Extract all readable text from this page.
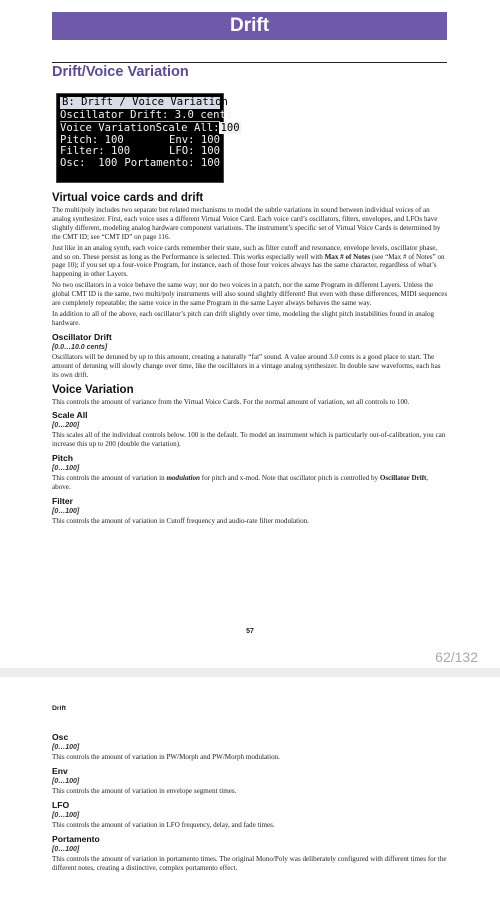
Drift
Drift/Voice Variation
B: Drift / Voice Variation
Oscillator Drift: 3.0 cents
Voice Variation Scale All:100
Pitch: 100	Env: 100
Filter: 100	LFO: 100
Osc:  100 Portamento: 100
Virtual voice cards and drift

The multi/poly includes two separate but related mechanisms to model the subtle variations in sound between individual voices of an analog synthesizer. First, each voice uses a different Virtual Voice Card. Each voice card’s oscillators, filters, envelopes, and LFOs have slightly different, modeling analog hardware component variations. The instrument’s specific set of Virtual Voice Cards is determined by the CMT ID; see “CMT ID” on page 116.

Just like in an analog synth, each voice cards remember their state, such as filter cutoff and resonance, envelope levels, oscillator phase, and so on. These persist as long as the Performance is selected. This works especially well with Max # of Notes (see “Max # of Notes” on page 10); if you set up a four-voice Program, for instance, each of those four voices always has the same character, regardless of what’s happening in other Layers.

No two oscillators in a voice behave the same way; nor do two voices in a patch, nor the same Program in different Layers. Unless the global CMT ID is the same, two multi/poly instruments will also sound slightly different! But even with these differences, MIDI sequences are completely repeatable; the same voice in the same Program in the same Layer always behaves the same way.

In addition to all of the above, each oscillator’s pitch can drift slightly over time, modeling the slight pitch instabilities found in analog hardware.

Oscillator Drift
[0.0…10.0 cents]

Oscillators will be detuned by up to this amount, creating a naturally “fat” sound. A value around 3.0 cents is a good place to start. The amount of detuning will slowly change over time, like the oscillators in a vintage analog synthesizer. In double saw waveforms, each has its own drift.

Voice Variation

This controls the amount of variance from the Virtual Voice Cards. For the normal amount of variation, set all controls to 100.

Scale All
[0…200]

This scales all of the individual controls below. 100 is the default. To model an instrument which is particularly out-of-calibration, you can increase this up to 200 (double the variation).

Pitch
[0…100]

This controls the amount of variation in modulation for pitch and x-mod. Note that oscillator pitch is controlled by Oscillator Drift, above.

Filter
[0…100]

This controls the amount of variation in Cutoff frequency and audio-rate filter modulation.

57
62/132
Drift
Osc
[0…100]

This controls the amount of variation in PW/Morph and PW/Morph modulation.

Env
[0…100]

This controls the amount of variation in envelope segment times.

LFO
[0…100]

This controls the amount of variation in LFO frequency, delay, and fade times.

Portamento
[0…100]

This controls the amount of variation in portamento times. The original Mono/Poly was deliberately configured with different times for the different notes, creating a distinctive, complex portamento effect.
